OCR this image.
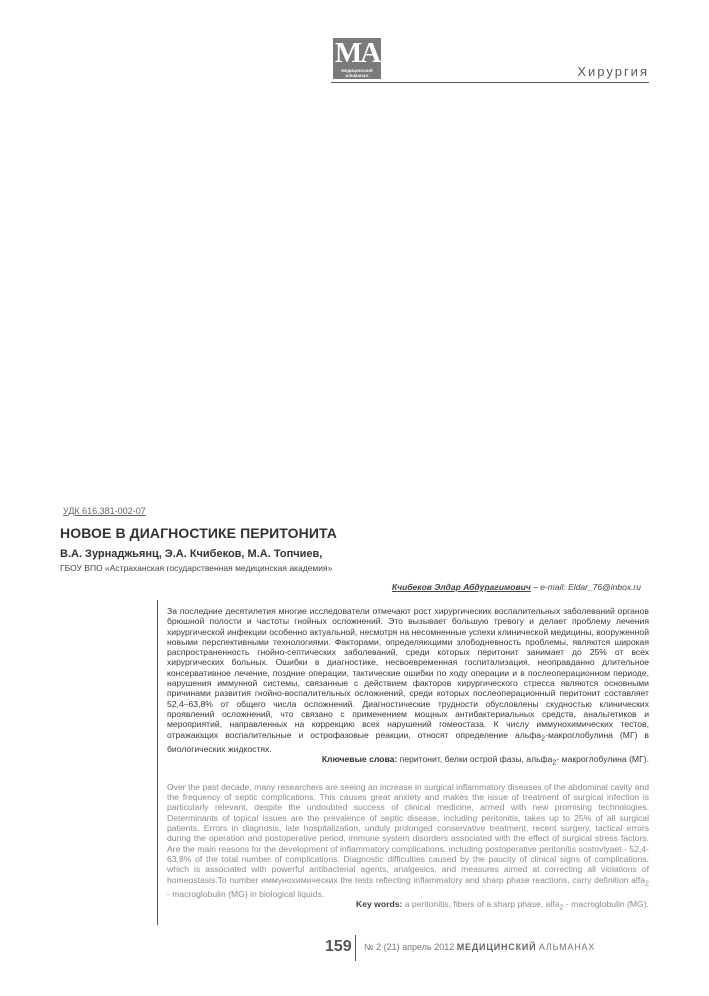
МА
МЕДИЦИНСКИЙ
АЛЬМАНАХ	Хирургия
УДК 616.381-002-07
НОВОЕ В ДИАГНОСТИКЕ ПЕРИТОНИТА

В.А. Зурнаджьянц, Э.А. Кчибеков, М.А. Топчиев,

ГБОУ ВПО «Астраханская государственная медицинская академия»

Кчибеков Элдар Абдурагимович – e-mail: Eldar_76@inbox.ru

За последние десятилетия многие исследователи отмечают рост хирургических воспалительных заболеваний органов брюшной полости и частоты гнойных осложнений. Это вызывает большую тревогу и делает проблему лечения хирургической инфекции особенно актуальной, несмотря на несомненные успехи клинической медицины, вооруженной новыми перспективными технологиями. Факторами, определяющими злободневность проблемы, являются широкая распространенность гнойно-септических заболеваний, среди которых перитонит занимает до 25% от всех хирургических больных. Ошибки в диагностике, несвоевременная госпитализация, неоправданно длительное консервативное лечение, поздние операции, тактические ошибки по ходу операции и в послеоперационном периоде, нарушения иммунной системы, связанные с действием факторов хирургического стресса являются основными причинами развития гнойно-воспалительных осложнений, среди которых послеоперационный перитонит составляет 52,4–63,8% от общего числа осложнений. Диагностические трудности обусловлены скудностью клинических проявлений осложнений, что связано с применением мощных антибактериальных средств, анальгетиков и мероприятий, направленных на коррекцию всех нарушений гомеостаза. К числу иммунохимических тестов, отражающих воспалительные и острофазовые реакции, относят определение альфа$_2$-макроглобулина (МГ) в биологических жидкостях.

Ключевые слова: перитонит, белки острой фазы, альфа$_2$- макроглобулина (МГ).

Over the past decade, many researchers are seeing an increase in surgical inflammatory diseases of the abdominal cavity and the frequency of septic complications. This causes great anxiety and makes the issue of treatment of surgical infection is particularly relevant, despite the undoubted success of clinical medicine, armed with new promising technologies. Determinants of topical issues are the prevalence of septic disease, including peritonitis, takes up to 25% of all surgical patients. Errors in diagnosis, late hospitalization, unduly prolonged conservative treatment, recent surgery, tactical errors during the operation and postoperative period, immune system disorders associated with the effect of surgical stress factors. Are the main reasons for the development of inflammatory complications, including postoperative peritonitis sostovlyaet - 52,4-63,8% of the total number of complications. Diagnostic difficulties caused by the paucity of clinical signs of complications, which is associated with powerful antibacterial agents, analgesics, and measures aimed at correcting all violations of homeostasis.To number иммунохимических the tests reflecting inflammatory and sharp phase reactions, carry definition alfa$_2$ - macroglobulin (MG) in biological liquids.

Key words: a peritonitis, fibers of a sharp phase, alfa$_2$ - macroglobulin (MG).

159 № 2 (21) апрель 2012 МЕДИЦИНСКИЙ АЛЬМАНАХ
